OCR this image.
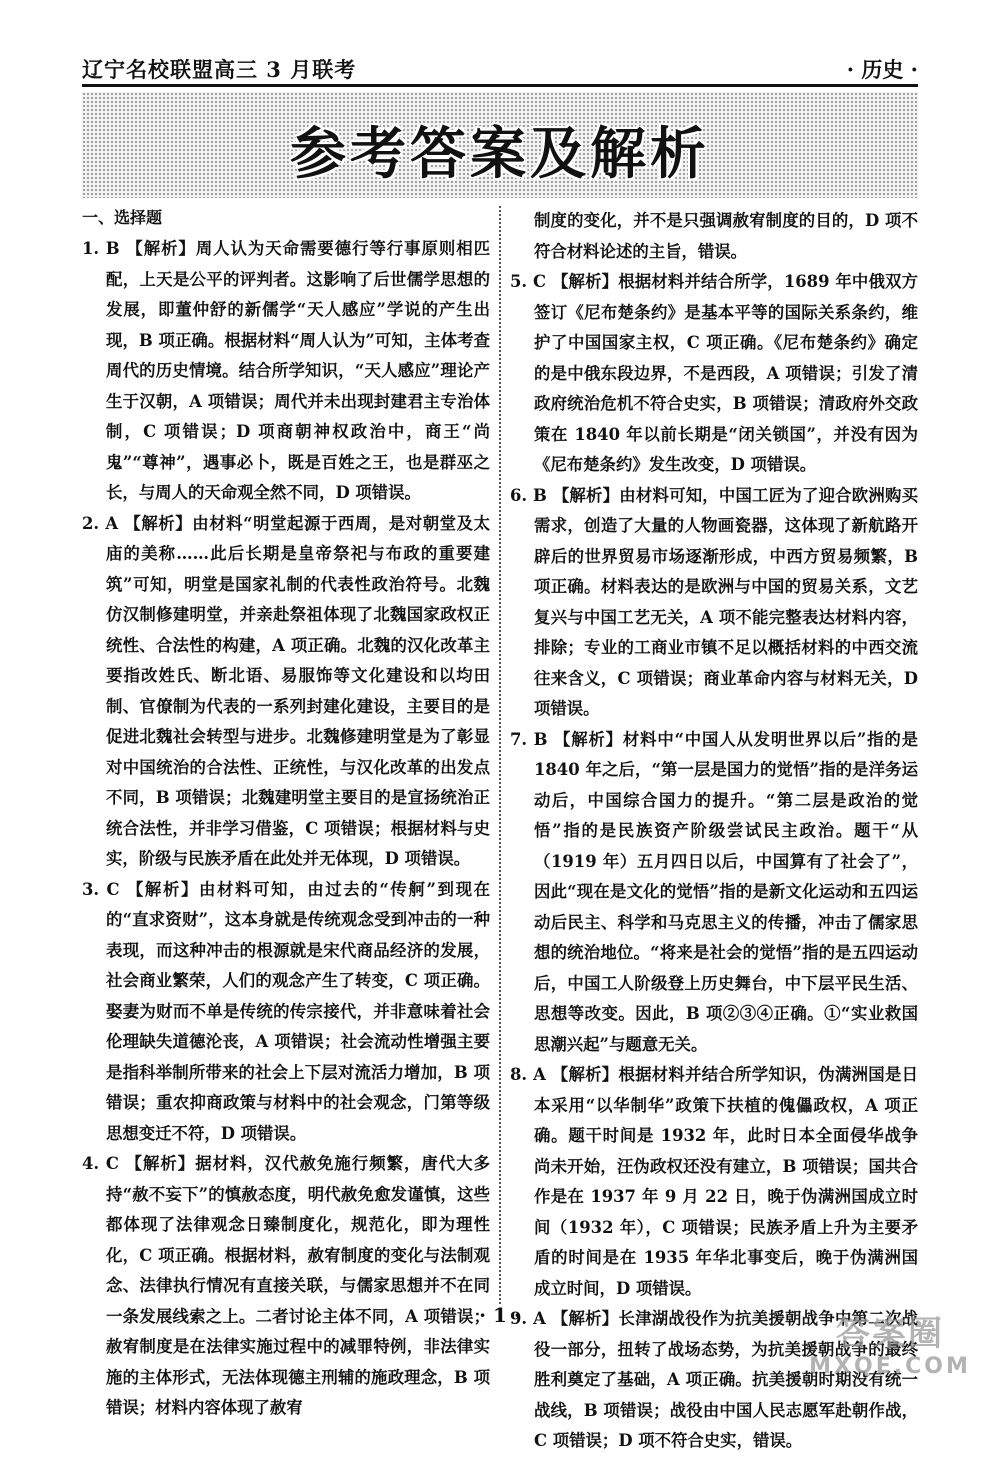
辽宁名校联盟高三 3 月联考	· 历史 ·
参考答案及解析
一、选择题

1. B 【解析】周人认为天命需要德行等行事原则相匹配，上天是公平的评判者。这影响了后世儒学思想的发展，即董仲舒的新儒学“天人感应”学说的产生出现，B 项正确。根据材料“周人认为”可知，主体考查周代的历史情境。结合所学知识，“天人感应”理论产生于汉朝，A 项错误；周代并未出现封建君主专治体制，C 项错误；D 项商朝神权政治中，商王“尚鬼”“尊神”，遇事必卜，既是百姓之王，也是群巫之长，与周人的天命观全然不同，D 项错误。

2. A 【解析】由材料“明堂起源于西周，是对朝堂及太庙的美称……此后长期是皇帝祭祀与布政的重要建筑”可知，明堂是国家礼制的代表性政治符号。北魏仿汉制修建明堂，并亲赴祭祖体现了北魏国家政权正统性、合法性的构建，A 项正确。北魏的汉化改革主要指改姓氏、断北语、易服饰等文化建设和以均田制、官僚制为代表的一系列封建化建设，主要目的是促进北魏社会转型与进步。北魏修建明堂是为了彰显对中国统治的合法性、正统性，与汉化改革的出发点不同，B 项错误；北魏建明堂主要目的是宣扬统治正统合法性，并非学习借鉴，C 项错误；根据材料与史实，阶级与民族矛盾在此处并无体现，D 项错误。

3. C 【解析】由材料可知，由过去的“传舸”到现在的“直求资财”，这本身就是传统观念受到冲击的一种表现，而这种冲击的根源就是宋代商品经济的发展，社会商业繁荣，人们的观念产生了转变，C 项正确。娶妻为财而不单是传统的传宗接代，并非意味着社会伦理缺失道德沦丧，A 项错误；社会流动性增强主要是指科举制所带来的社会上下层对流活力增加，B 项错误；重农抑商政策与材料中的社会观念，门第等级思想变迁不符，D 项错误。

4. C 【解析】据材料，汉代赦免施行频繁，唐代大多持“赦不妄下”的慎赦态度，明代赦免愈发谨慎，这些都体现了法律观念日臻制度化，规范化，即为理性化，C 项正确。根据材料，赦宥制度的变化与法制观念、法律执行情况有直接关联，与儒家思想并不在同一条发展线索之上。二者讨论主体不同，A 项错误；赦宥制度是在法律实施过程中的减罪特例，非法律实施的主体形式，无法体现德主刑辅的施政理念，B 项错误；材料内容体现了赦宥

制度的变化，并不是只强调赦宥制度的目的，D 项不符合材料论述的主旨，错误。

5. C 【解析】根据材料并结合所学，1689 年中俄双方签订《尼布楚条约》是基本平等的国际关系条约，维护了中国国家主权，C 项正确。《尼布楚条约》确定的是中俄东段边界，不是西段，A 项错误；引发了清政府统治危机不符合史实，B 项错误；清政府外交政策在 1840 年以前长期是“闭关锁国”，并没有因为《尼布楚条约》发生改变，D 项错误。

6. B 【解析】由材料可知，中国工匠为了迎合欧洲购买需求，创造了大量的人物画瓷器，这体现了新航路开辟后的世界贸易市场逐渐形成，中西方贸易频繁，B 项正确。材料表达的是欧洲与中国的贸易关系，文艺复兴与中国工艺无关，A 项不能完整表达材料内容，排除；专业的工商业市镇不足以概括材料的中西交流往来含义，C 项错误；商业革命内容与材料无关，D 项错误。

7. B 【解析】材料中“中国人从发明世界以后”指的是 1840 年之后，“第一层是国力的觉悟”指的是洋务运动后，中国综合国力的提升。“第二层是政治的觉悟”指的是民族资产阶级尝试民主政治。题干“从（1919 年）五月四日以后，中国算有了社会了”，因此“现在是文化的觉悟”指的是新文化运动和五四运动后民主、科学和马克思主义的传播，冲击了儒家思想的统治地位。“将来是社会的觉悟”指的是五四运动后，中国工人阶级登上历史舞台，中下层平民生活、思想等改变。因此，B 项②③④正确。①“实业救国思潮兴起”与题意无关。

8. A 【解析】根据材料并结合所学知识，伪满洲国是日本采用“以华制华”政策下扶植的傀儡政权，A 项正确。题干时间是 1932 年，此时日本全面侵华战争尚未开始，汪伪政权还没有建立，B 项错误；国共合作是在 1937 年 9 月 22 日，晚于伪满洲国成立时间（1932 年），C 项错误；民族矛盾上升为主要矛盾的时间是在 1935 年华北事变后，晚于伪满洲国成立时间，D 项错误。

9. A 【解析】长津湖战役作为抗美援朝战争中第二次战役一部分，扭转了战场态势，为抗美援朝战争的最终胜利奠定了基础，A 项正确。抗美援朝时期没有统一战线，B 项错误；战役由中国人民志愿军赴朝作战，C 项错误；D 项不符合史实，错误。

· 1 ·	答案圈
MXQE.COM
